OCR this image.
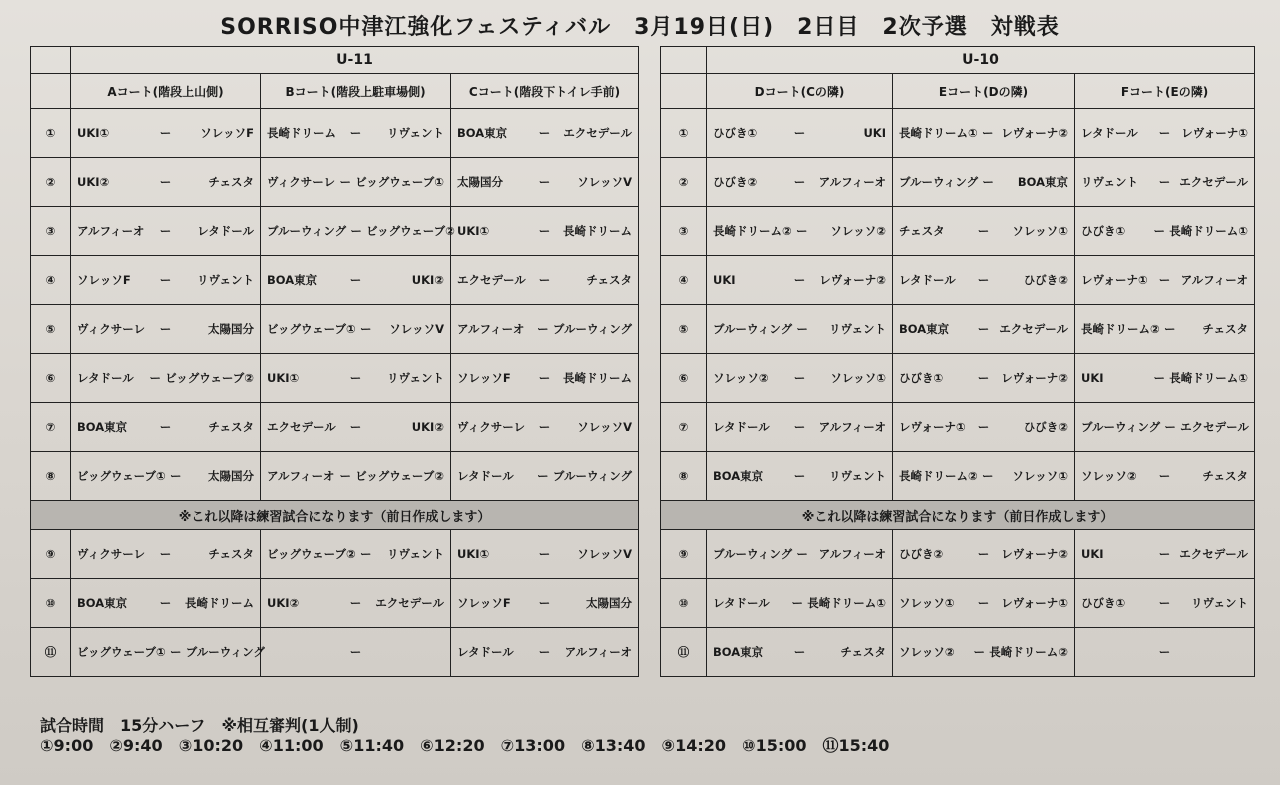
SORRISO中津江強化フェスティバル　3月19日(日)　2日目　2次予選　対戦表
	U-11		
	Aコート(階段上山側)	Bコート(階段上駐車場側)	Cコート(階段下トイレ手前)
①	UKI① ー ソレッソF	長崎ドリーム ー リヴェント	BOA東京 ー エクセデール

②	UKI② ー チェスタ	ヴィクサーレ ー ビッグウェーブ①	太陽国分 ー ソレッソV

③	アルフィーオ ー レタドール	ブルーウィング ー ビッグウェーブ②	UKI① ー 長崎ドリーム

④	ソレッソF ー リヴェント	BOA東京 ー UKI②	エクセデール ー チェスタ

⑤	ヴィクサーレ ー 太陽国分	ビッグウェーブ① ー ソレッソV	アルフィーオ ー ブルーウィング

⑥	レタドール ー ビッグウェーブ②	UKI① ー リヴェント	ソレッソF ー 長崎ドリーム

⑦	BOA東京 ー チェスタ	エクセデール ー UKI②	ヴィクサーレ ー ソレッソV

⑧	ビッグウェーブ① ー 太陽国分	アルフィーオ ー ビッグウェーブ②	レタドール ー ブルーウィング

※これ以降は練習試合になります（前日作成します）			
⑨	ヴィクサーレ ー チェスタ	ビッグウェーブ② ー リヴェント	UKI① ー ソレッソV

⑩	BOA東京 ー 長崎ドリーム	UKI② ー エクセデール	ソレッソF ー 太陽国分

⑪	ビッグウェーブ① ー ブルーウィング	ー	レタドール ー アルフィーオ
	U-10		
	Dコート(Cの隣)	Eコート(Dの隣)	Fコート(Eの隣)
①	ひびき① ー UKI	長崎ドリーム① ー レヴォーナ②	レタドール ー レヴォーナ①

②	ひびき② ー アルフィーオ	ブルーウィング ー BOA東京	リヴェント ー エクセデール

③	長崎ドリーム② ー ソレッソ②	チェスタ ー ソレッソ①	ひびき① ー 長崎ドリーム①

④	UKI ー レヴォーナ②	レタドール ー ひびき②	レヴォーナ① ー アルフィーオ

⑤	ブルーウィング ー リヴェント	BOA東京 ー エクセデール	長崎ドリーム② ー チェスタ

⑥	ソレッソ② ー ソレッソ①	ひびき① ー レヴォーナ②	UKI ー 長崎ドリーム①

⑦	レタドール ー アルフィーオ	レヴォーナ① ー ひびき②	ブルーウィング ー エクセデール

⑧	BOA東京 ー リヴェント	長崎ドリーム② ー ソレッソ①	ソレッソ② ー チェスタ

※これ以降は練習試合になります（前日作成します）			
⑨	ブルーウィング ー アルフィーオ	ひびき② ー レヴォーナ②	UKI ー エクセデール

⑩	レタドール ー 長崎ドリーム①	ソレッソ① ー レヴォーナ①	ひびき① ー リヴェント

⑪	BOA東京 ー チェスタ	ソレッソ② ー 長崎ドリーム②	ー
試合時間　15分ハーフ　※相互審判(1人制)
①9:00　②9:40　③10:20　④11:00　⑤11:40　⑥12:20　⑦13:00　⑧13:40　⑨14:20　⑩15:00　⑪15:40
